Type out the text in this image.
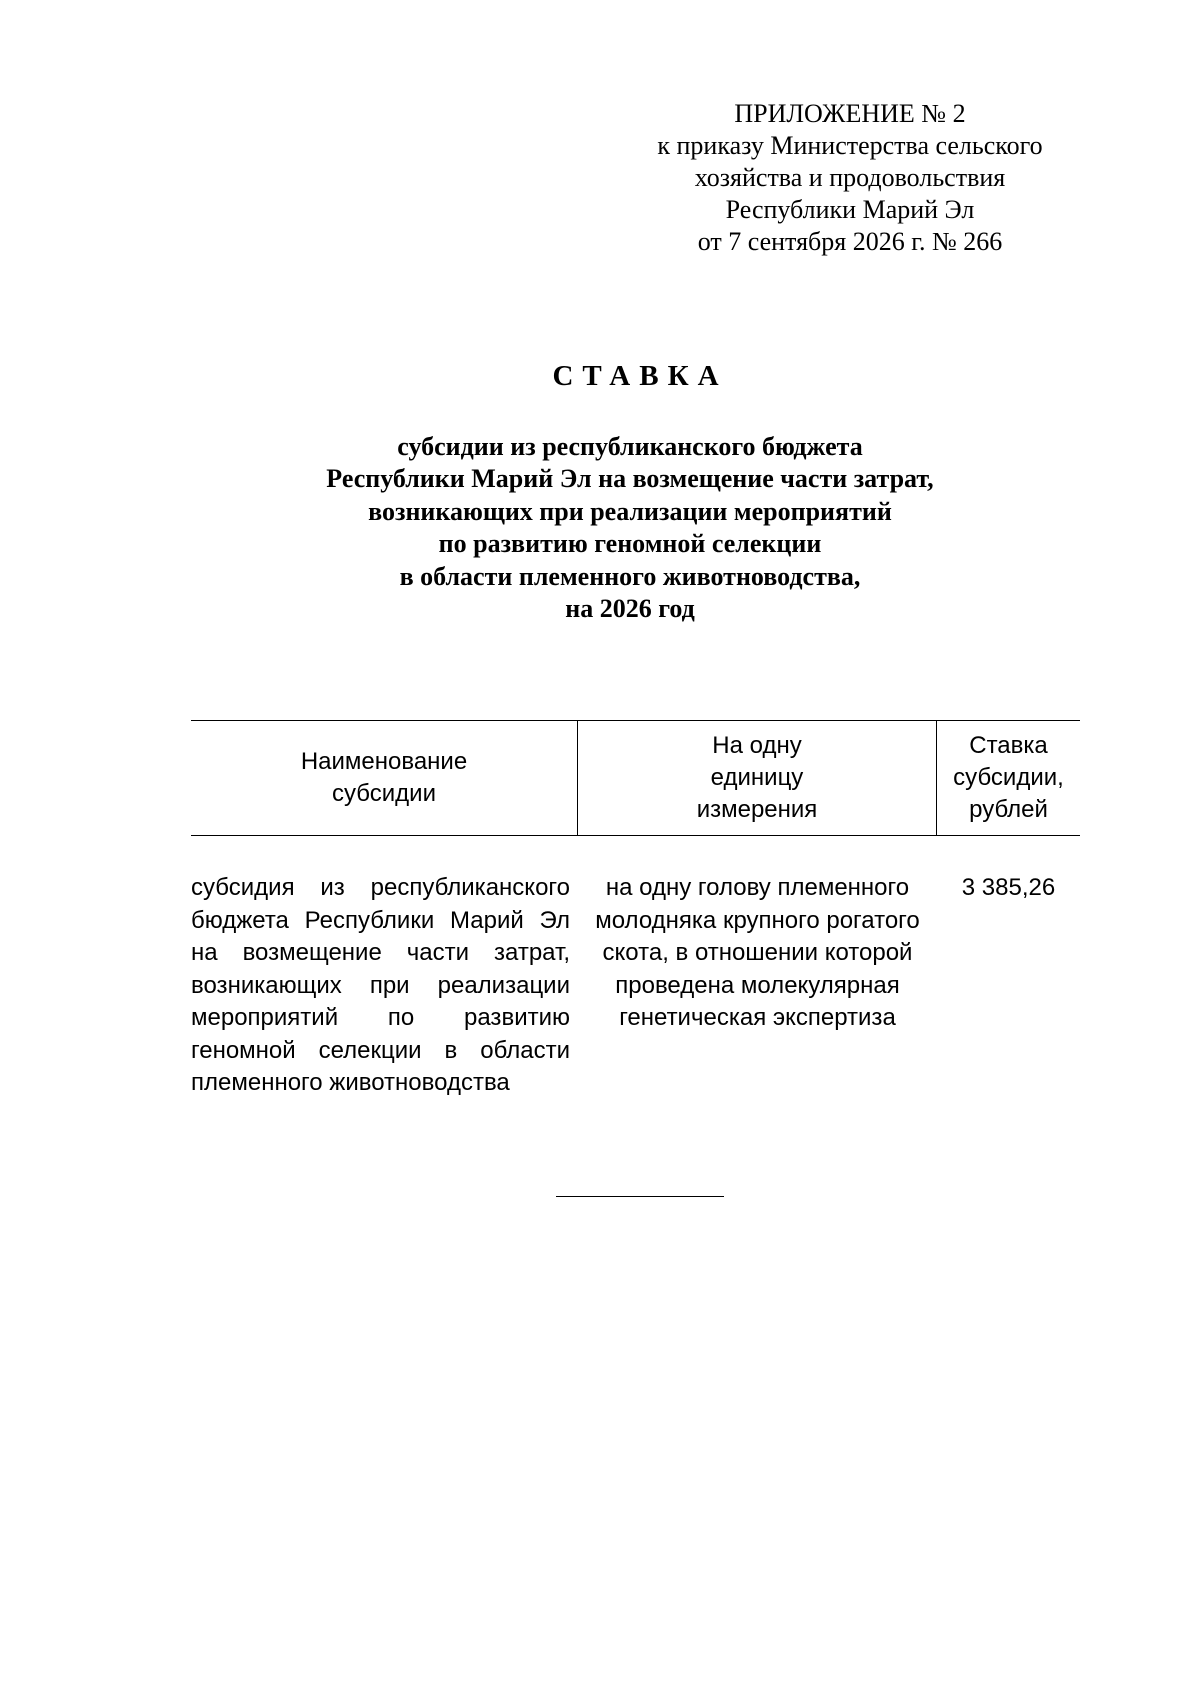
ПРИЛОЖЕНИЕ № 2
к приказу Министерства сельского
хозяйства и продовольствия
Республики Марий Эл
от 7 сентября 2026 г. № 266
СТАВКА
субсидии из республиканского бюджета
Республики Марий Эл на возмещение части затрат,
возникающих при реализации мероприятий
по развитию геномной селекции
в области племенного животноводства,
на 2026 год
Наименование субсидии
На одну единицу измерения
Ставка субсидии, рублей
субсидия из республиканского бюджета Республики Марий Эл на возмещение части затрат, возникающих при реализации мероприятий по развитию геномной селекции в области племенного животноводства
на одну голову племенного молодняка крупного рогатого скота, в отношении которой проведена молекулярная генетическая экспертиза
3 385,26
